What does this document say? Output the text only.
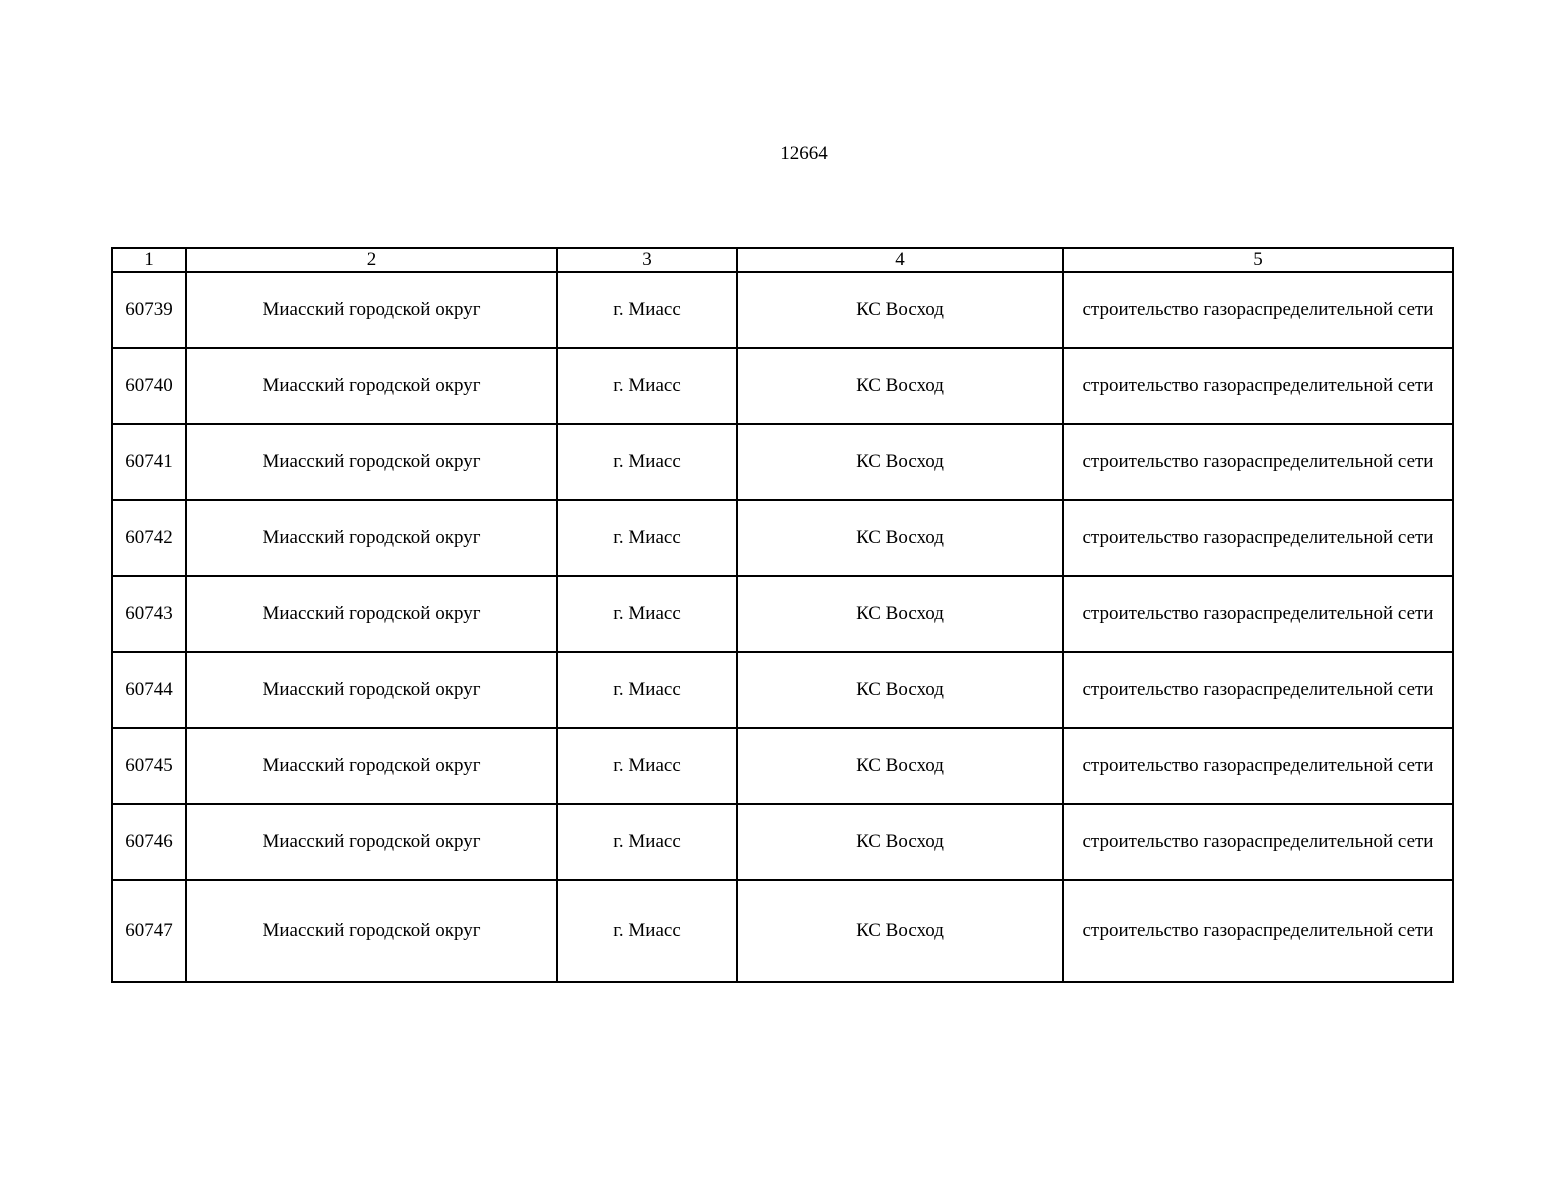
12664
1	2	3	4	5
60739	Миасский городской округ	г. Миасс	КС Восход	строительство газораспределительной сети
60740	Миасский городской округ	г. Миасс	КС Восход	строительство газораспределительной сети
60741	Миасский городской округ	г. Миасс	КС Восход	строительство газораспределительной сети
60742	Миасский городской округ	г. Миасс	КС Восход	строительство газораспределительной сети
60743	Миасский городской округ	г. Миасс	КС Восход	строительство газораспределительной сети
60744	Миасский городской округ	г. Миасс	КС Восход	строительство газораспределительной сети
60745	Миасский городской округ	г. Миасс	КС Восход	строительство газораспределительной сети
60746	Миасский городской округ	г. Миасс	КС Восход	строительство газораспределительной сети
60747	Миасский городской округ	г. Миасс	КС Восход	строительство газораспределительной сети
